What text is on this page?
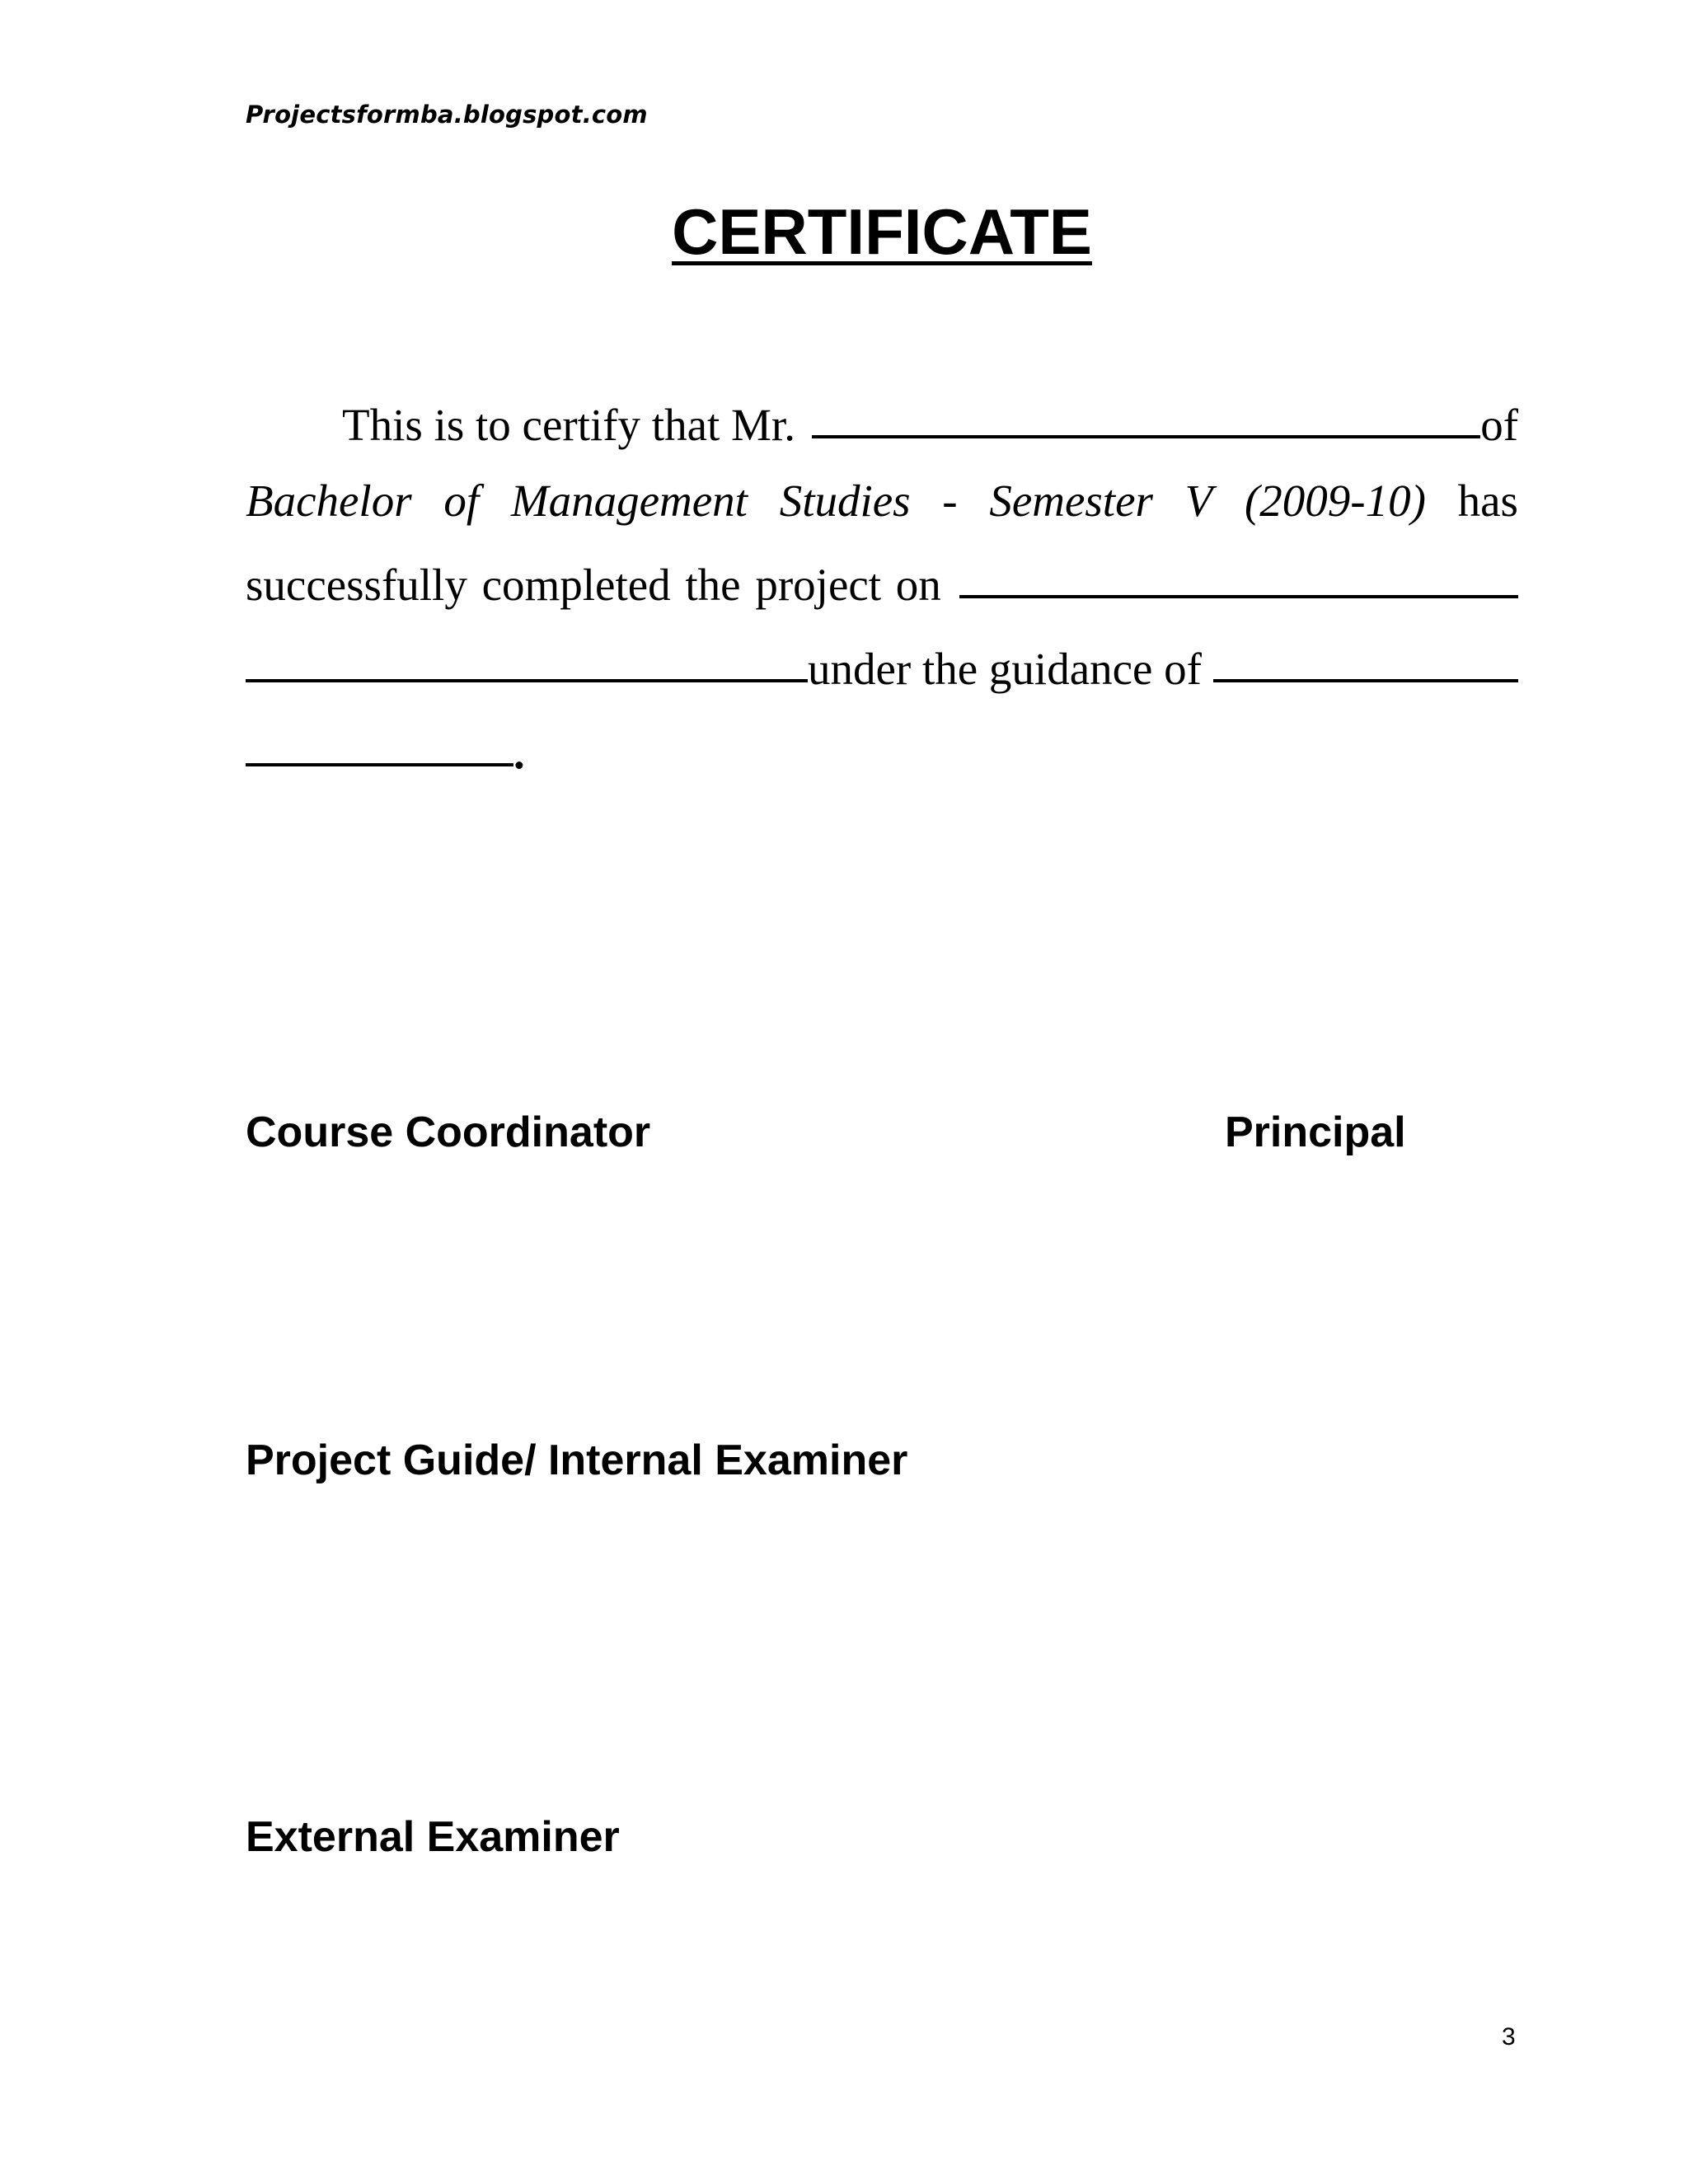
Projectsformba.blogspot.com
CERTIFICATE
This is to certify that Mr.	of
Bachelor of Management Studies - Semester V (2009-10) has
successfully completed the project on
under the guidance of
.
Course Coordinator	Principal
Project Guide/ Internal Examiner
External Examiner
3
